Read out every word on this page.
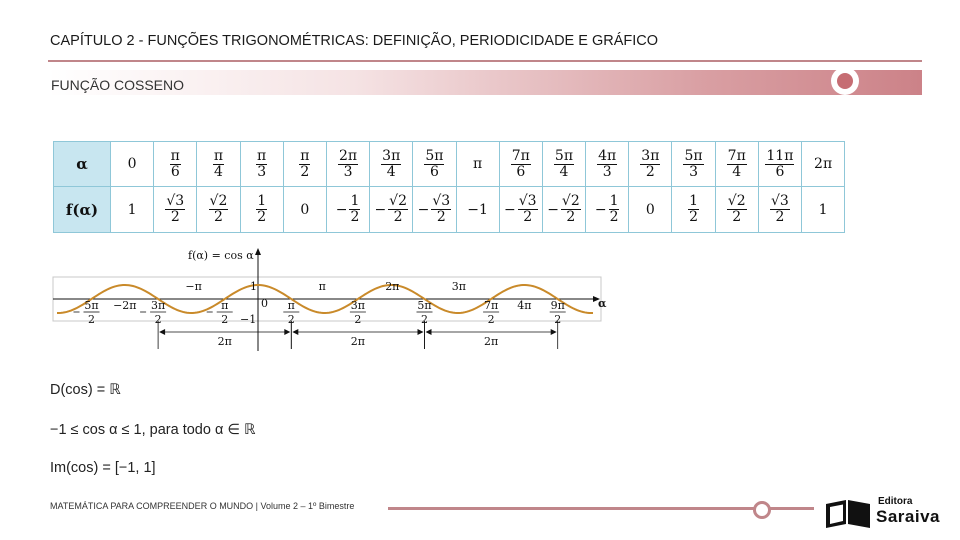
CAPÍTULO 2 - FUNÇÕES TRIGONOMÉTRICAS: DEFINIÇÃO, PERIODICIDADE E GRÁFICO
FUNÇÃO COSSENO
α	0	$\frac{\pi}{6}$	$\frac{\pi}{4}$	$\frac{\pi}{3}$	$\frac{\pi}{2}$	$\frac{2\pi}{3}$	$\frac{3\pi}{4}$	$\frac{5\pi}{6}$	π	$\frac{7\pi}{6}$	$\frac{5\pi}{4}$	$\frac{4\pi}{3}$	$\frac{3\pi}{2}$	$\frac{5\pi}{3}$	$\frac{7\pi}{4}$	$\frac{11\pi}{6}$	2π
f(α)	1	$\frac{√3}{2}$	$\frac{√2}{2}$	$\frac{1}{2}$	0	− $\frac{1}{2}$	− $\frac{√2}{2}$	− $\frac{√3}{2}$	−1	− $\frac{√3}{2}$	− $\frac{√2}{2}$	− $\frac{1}{2}$	0	$\frac{1}{2}$	$\frac{√2}{2}$	$\frac{√3}{2}$	1
f(α) = cos α
α
1
−1
0
−π	π	2π	3π
5π
2
−2π 3π
2
π
2
π
2
3π
2
5π
2
7π
2
4π 9π
2
2π	2π	2π
D(cos) = ℝ
−1 ≤ cos α ≤ 1, para todo α ∈ ℝ
Im(cos) = [−1, 1]
MATEMÁTICA PARA COMPREENDER O MUNDO | Volume 2 – 1º Bimestre	Editora
Saraiva
